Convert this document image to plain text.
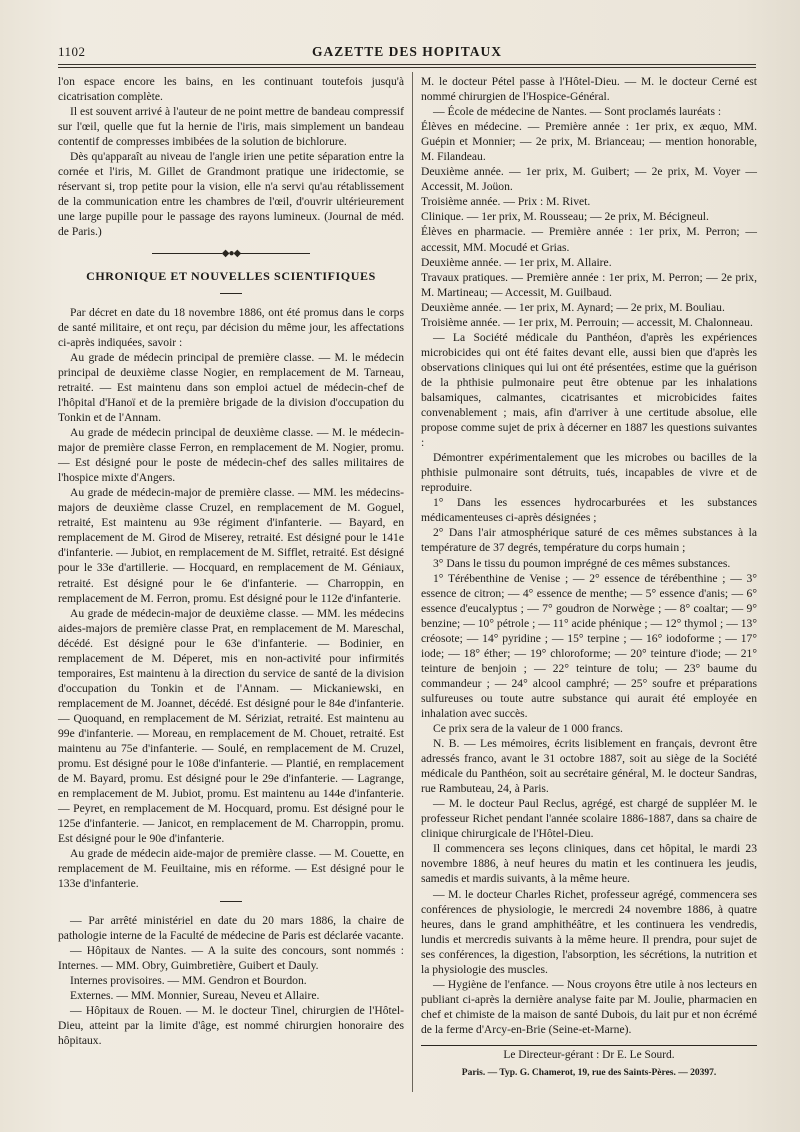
1102	GAZETTE DES HOPITAUX

l'on espace encore les bains, en les continuant toutefois jusqu'à cicatrisation complète.

Il est souvent arrivé à l'auteur de ne point mettre de bandeau compressif sur l'œil, quelle que fut la hernie de l'iris, mais simplement un bandeau contentif de compresses imbibées de la solution de bichlorure.

Dès qu'apparaît au niveau de l'angle irien une petite séparation entre la cornée et l'iris, M. Gillet de Grandmont pratique une iridectomie, se réservant si, trop petite pour la vision, elle n'a servi qu'au rétablissement de la communication entre les chambres de l'œil, d'ouvrir ultérieurement une large pupille pour le passage des rayons lumineux. (Journal de méd. de Paris.)

◆●◆
CHRONIQUE ET NOUVELLES SCIENTIFIQUES

Par décret en date du 18 novembre 1886, ont été promus dans le corps de santé militaire, et ont reçu, par décision du même jour, les affectations ci-après indiquées, savoir :

Au grade de médecin principal de première classe. — M. le médecin principal de deuxième classe Nogier, en remplacement de M. Tarneau, retraité. — Est maintenu dans son emploi actuel de médecin-chef de l'hôpital d'Hanoï et de la première brigade de la division d'occupation du Tonkin et de l'Annam.

Au grade de médecin principal de deuxième classe. — M. le médecin-major de première classe Ferron, en remplacement de M. Nogier, promu. — Est désigné pour le poste de médecin-chef des salles militaires de l'hospice mixte d'Angers.

Au grade de médecin-major de première classe. — MM. les médecins-majors de deuxième classe Cruzel, en remplacement de M. Goguel, retraité, Est maintenu au 93e régiment d'infanterie. — Bayard, en remplacement de M. Girod de Miserey, retraité. Est désigné pour le 141e d'infanterie. — Jubiot, en remplacement de M. Sifflet, retraité. Est désigné pour le 33e d'artillerie. — Hocquard, en remplacement de M. Géniaux, retraité. Est désigné pour le 6e d'infanterie. — Charroppin, en remplacement de M. Ferron, promu. Est désigné pour le 112e d'infanterie.

Au grade de médecin-major de deuxième classe. — MM. les médecins aides-majors de première classe Prat, en remplacement de M. Mareschal, décédé. Est désigné pour le 63e d'infanterie. — Bodinier, en remplacement de M. Déperet, mis en non-activité pour infirmités temporaires, Est maintenu à la direction du service de santé de la division d'occupation du Tonkin et de l'Annam. — Mickaniewski, en remplacement de M. Joannet, décédé. Est désigné pour le 84e d'infanterie. — Quoquand, en remplacement de M. Sériziat, retraité. Est maintenu au 99e d'infanterie. — Moreau, en remplacement de M. Chouet, retraité. Est maintenu au 75e d'infanterie. — Soulé, en remplacement de M. Cruzel, promu. Est désigné pour le 108e d'infanterie. — Plantié, en remplacement de M. Bayard, promu. Est désigné pour le 29e d'infanterie. — Lagrange, en remplacement de M. Jubiot, promu. Est maintenu au 144e d'infanterie. — Peyret, en remplacement de M. Hocquard, promu. Est désigné pour le 125e d'infanterie. — Janicot, en remplacement de M. Charroppin, promu. Est désigné pour le 90e d'infanterie.

Au grade de médecin aide-major de première classe. — M. Couette, en remplacement de M. Feuiltaine, mis en réforme. — Est désigné pour le 133e d'infanterie.

— Par arrêté ministériel en date du 20 mars 1886, la chaire de pathologie interne de la Faculté de médecine de Paris est déclarée vacante.

— Hôpitaux de Nantes. — A la suite des concours, sont nommés : Internes. — MM. Obry, Guimbretière, Guibert et Dauly.

Internes provisoires. — MM. Gendron et Bourdon.

Externes. — MM. Monnier, Sureau, Neveu et Allaire.

— Hôpitaux de Rouen. — M. le docteur Tinel, chirurgien de l'Hôtel-Dieu, atteint par la limite d'âge, est nommé chirurgien honoraire des hôpitaux.

M. le docteur Pétel passe à l'Hôtel-Dieu. — M. le docteur Cerné est nommé chirurgien de l'Hospice-Général.

— École de médecine de Nantes. — Sont proclamés lauréats :

Élèves en médecine. — Première année : 1er prix, ex æquo, MM. Guépin et Monnier; — 2e prix, M. Brianceau; — mention honorable, M. Filandeau.

Deuxième année. — 1er prix, M. Guibert; — 2e prix, M. Voyer — Accessit, M. Joüon.

Troisième année. — Prix : M. Rivet.

Clinique. — 1er prix, M. Rousseau; — 2e prix, M. Bécigneul.

Élèves en pharmacie. — Première année : 1er prix, M. Perron; — accessit, MM. Mocudé et Grias.

Deuxième année. — 1er prix, M. Allaire.

Travaux pratiques. — Première année : 1er prix, M. Perron; — 2e prix, M. Martineau; — Accessit, M. Guilbaud.

Deuxième année. — 1er prix, M. Aynard; — 2e prix, M. Bouliau.

Troisième année. — 1er prix, M. Perrouin; — accessit, M. Chalonneau.

— La Société médicale du Panthéon, d'après les expériences microbicides qui ont été faites devant elle, aussi bien que d'après les observations cliniques qui lui ont été présentées, estime que la guérison de la phthisie pulmonaire peut être obtenue par les inhalations balsamiques, calmantes, cicatrisantes et microbicides faites convenablement ; mais, afin d'arriver à une certitude absolue, elle propose comme sujet de prix à décerner en 1887 les questions suivantes :

Démontrer expérimentalement que les microbes ou bacilles de la phthisie pulmonaire sont détruits, tués, incapables de vivre et de reproduire.

1° Dans les essences hydrocarburées et les substances médicamenteuses ci-après désignées ;

2° Dans l'air atmosphérique saturé de ces mêmes substances à la température de 37 degrés, température du corps humain ;

3° Dans le tissu du poumon imprégné de ces mêmes substances.

1° Térébenthine de Venise ; — 2° essence de térébenthine ; — 3° essence de citron; — 4° essence de menthe; — 5° essence d'anis; — 6° essence d'eucalyptus ; — 7° goudron de Norwège ; — 8° coaltar; — 9° benzine; — 10° pétrole ; — 11° acide phénique ; — 12° thymol ; — 13° créosote; — 14° pyridine ; — 15° terpine ; — 16° iodoforme ; — 17° iode; — 18° éther; — 19° chloroforme; — 20° teinture d'iode; — 21° teinture de benjoin ; — 22° teinture de tolu; — 23° baume du commandeur ; — 24° alcool camphré; — 25° soufre et préparations sulfureuses ou toute autre substance qui aurait été employée en inhalation avec succès.

Ce prix sera de la valeur de 1 000 francs.

N. B. — Les mémoires, écrits lisiblement en français, devront être adressés franco, avant le 31 octobre 1887, soit au siège de la Société médicale du Panthéon, soit au secrétaire général, M. le docteur Sandras, rue Rambuteau, 24, à Paris.

— M. le docteur Paul Reclus, agrégé, est chargé de suppléer M. le professeur Richet pendant l'année scolaire 1886-1887, dans sa chaire de clinique chirurgicale de l'Hôtel-Dieu.

Il commencera ses leçons cliniques, dans cet hôpital, le mardi 23 novembre 1886, à neuf heures du matin et les continuera les jeudis, samedis et mardis suivants, à la même heure.

— M. le docteur Charles Richet, professeur agrégé, commencera ses conférences de physiologie, le mercredi 24 novembre 1886, à quatre heures, dans le grand amphithéâtre, et les continuera les vendredis, lundis et mercredis suivants à la même heure. Il prendra, pour sujet de ses conférences, la digestion, l'absorption, les sécrétions, la nutrition et la physiologie des muscles.

— Hygiène de l'enfance. — Nous croyons être utile à nos lecteurs en publiant ci-après la dernière analyse faite par M. Joulie, pharmacien en chef et chimiste de la maison de santé Dubois, du lait pur et non écrémé de la ferme d'Arcy-en-Brie (Seine-et-Marne).

Le Directeur-gérant : Dr E. Le Sourd.
Paris. — Typ. G. Chamerot, 19, rue des Saints-Pères. — 20397.
